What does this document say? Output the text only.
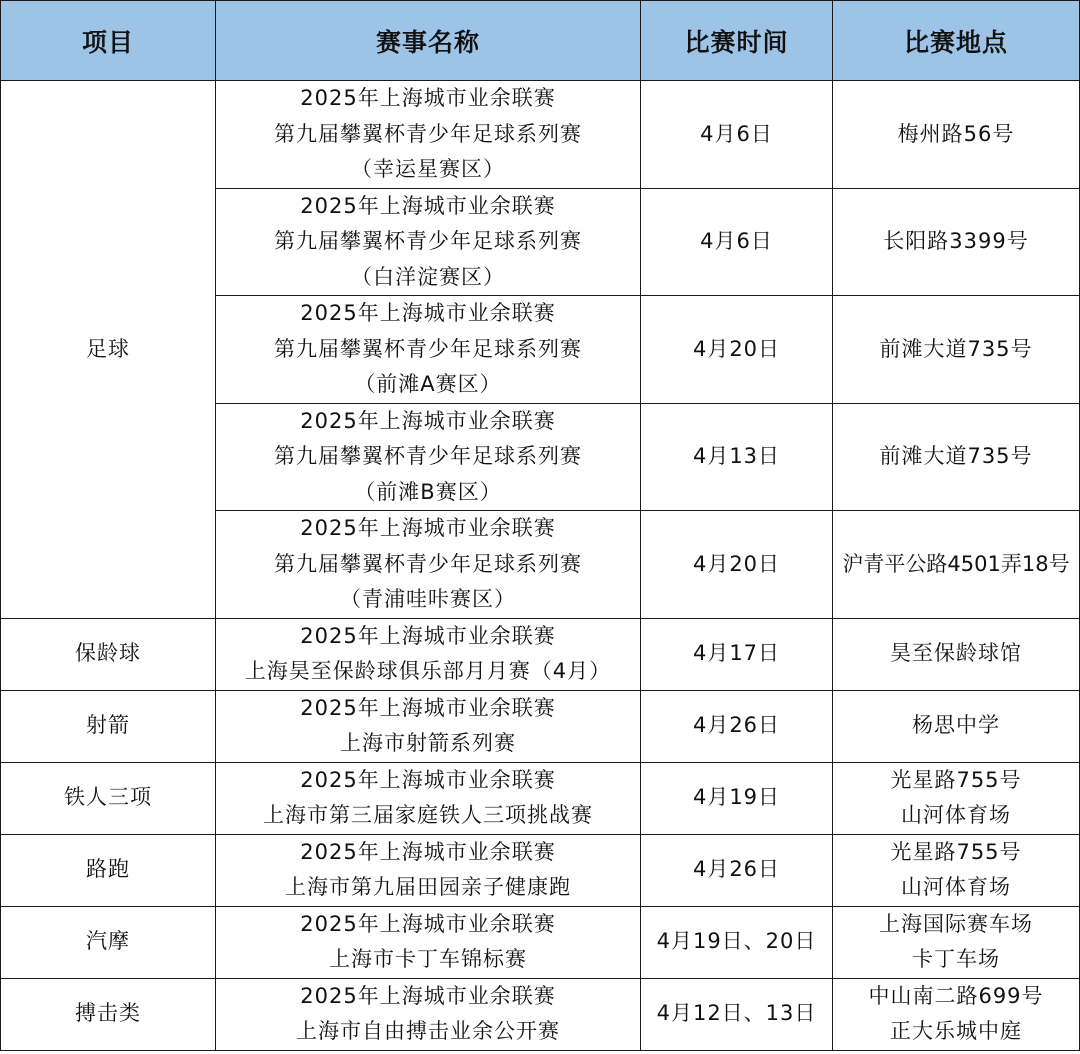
项目	赛事名称	比赛时间	比赛地点
足球	2025年上海城市业余联赛
第九届攀翼杯青少年足球系列赛
（幸运星赛区）	4月6日	梅州路56号

	2025年上海城市业余联赛
第九届攀翼杯青少年足球系列赛
（白洋淀赛区）	4月6日	长阳路3399号

	2025年上海城市业余联赛
第九届攀翼杯青少年足球系列赛
（前滩A赛区）	4月20日	前滩大道735号

	2025年上海城市业余联赛
第九届攀翼杯青少年足球系列赛
（前滩B赛区）	4月13日	前滩大道735号

	2025年上海城市业余联赛
第九届攀翼杯青少年足球系列赛
（青浦哇咔赛区）	4月20日	沪青平公路4501弄18号

保龄球	2025年上海城市业余联赛
上海昊至保龄球俱乐部月月赛（4月）	4月17日	昊至保龄球馆

射箭	2025年上海城市业余联赛
上海市射箭系列赛	4月26日	杨思中学

铁人三项	2025年上海城市业余联赛
上海市第三届家庭铁人三项挑战赛	4月19日	光星路755号
山河体育场

路跑	2025年上海城市业余联赛
上海市第九届田园亲子健康跑	4月26日	光星路755号
山河体育场

汽摩	2025年上海城市业余联赛
上海市卡丁车锦标赛	4月19日、20日	上海国际赛车场
卡丁车场

搏击类	2025年上海城市业余联赛
上海市自由搏击业余公开赛	4月12日、13日	中山南二路699号
正大乐城中庭
